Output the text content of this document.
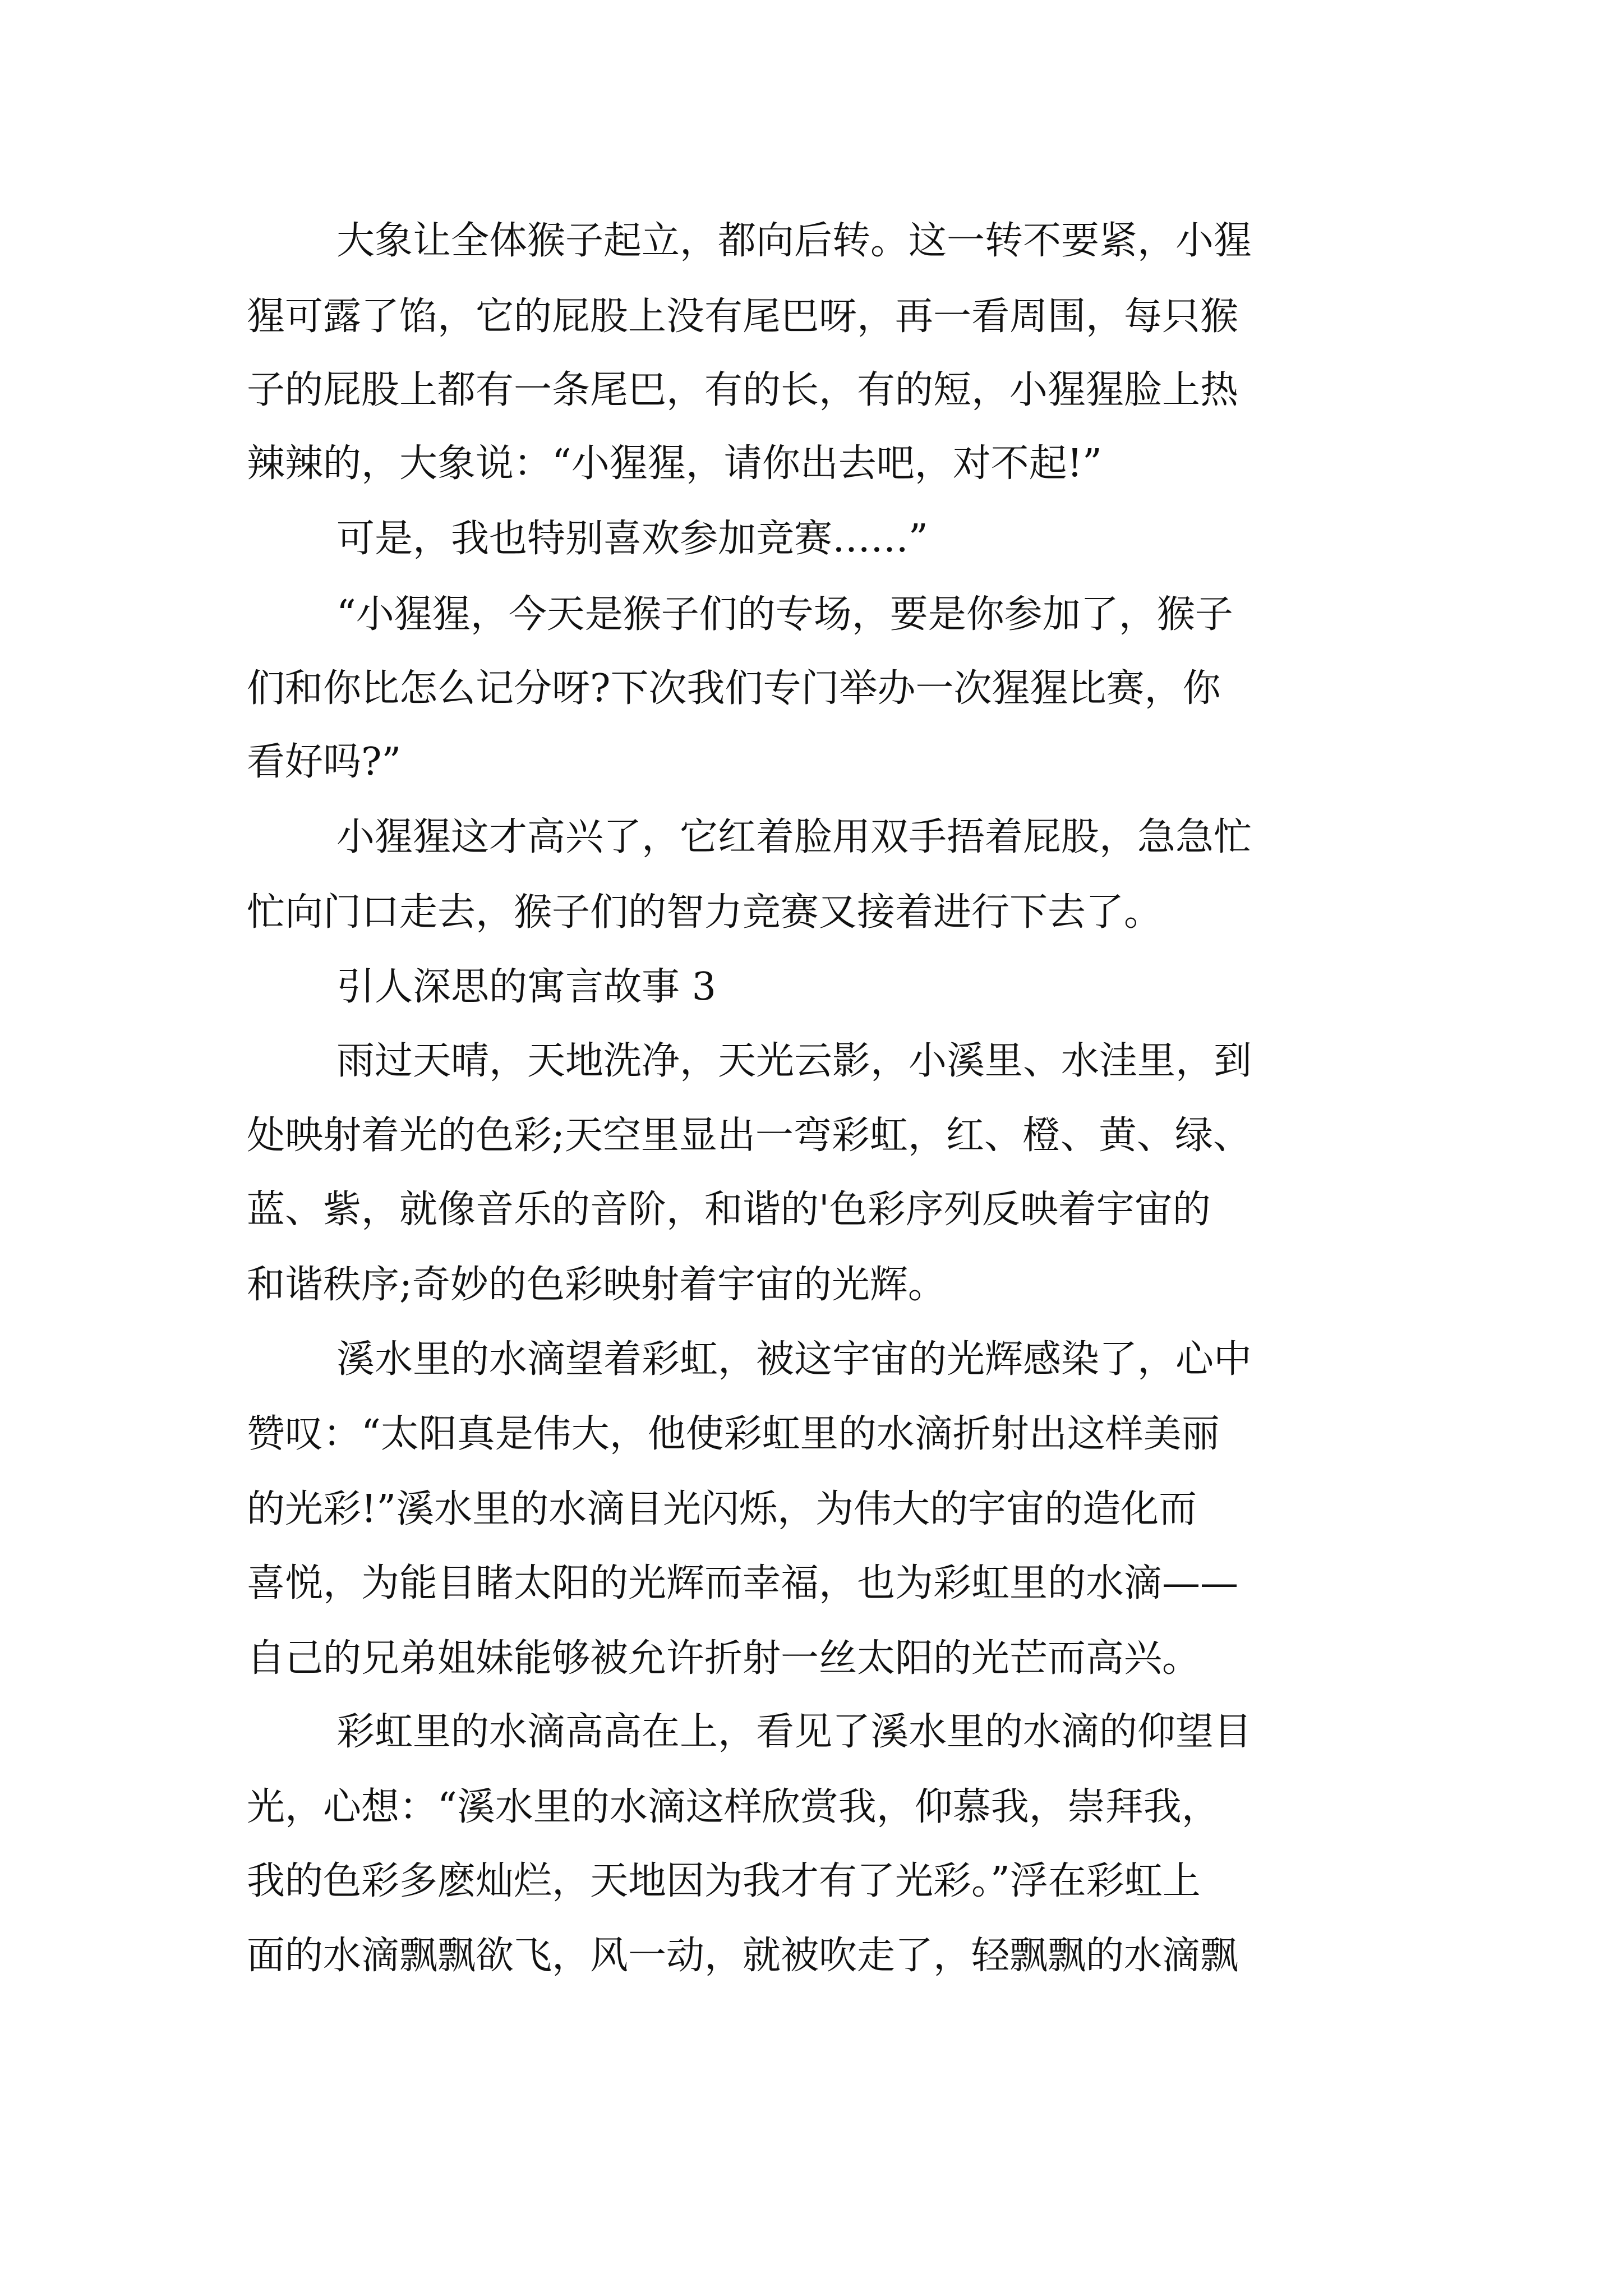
大象让全体猴子起立，都向后转。这一转不要紧，小猩

猩可露了馅，它的屁股上没有尾巴呀，再一看周围，每只猴

子的屁股上都有一条尾巴，有的长，有的短，小猩猩脸上热

辣辣的，大象说：“小猩猩，请你出去吧，对不起!”

可是，我也特别喜欢参加竞赛……”

“小猩猩，今天是猴子们的专场，要是你参加了，猴子

们和你比怎么记分呀?下次我们专门举办一次猩猩比赛，你

看好吗?”

小猩猩这才高兴了，它红着脸用双手捂着屁股，急急忙

忙向门口走去，猴子们的智力竞赛又接着进行下去了。

引人深思的寓言故事 3

雨过天晴，天地洗净，天光云影，小溪里、水洼里，到

处映射着光的色彩;天空里显出一弯彩虹，红、橙、黄、绿、

蓝、紫，就像音乐的音阶，和谐的'色彩序列反映着宇宙的

和谐秩序;奇妙的色彩映射着宇宙的光辉。

溪水里的水滴望着彩虹，被这宇宙的光辉感染了，心中

赞叹：“太阳真是伟大，他使彩虹里的水滴折射出这样美丽

的光彩!”溪水里的水滴目光闪烁，为伟大的宇宙的造化而

喜悦，为能目睹太阳的光辉而幸福，也为彩虹里的水滴——

自己的兄弟姐妹能够被允许折射一丝太阳的光芒而高兴。

彩虹里的水滴高高在上，看见了溪水里的水滴的仰望目

光，心想：“溪水里的水滴这样欣赏我，仰慕我，崇拜我，

我的色彩多麽灿烂，天地因为我才有了光彩。”浮在彩虹上

面的水滴飘飘欲飞，风一动，就被吹走了，轻飘飘的水滴飘
